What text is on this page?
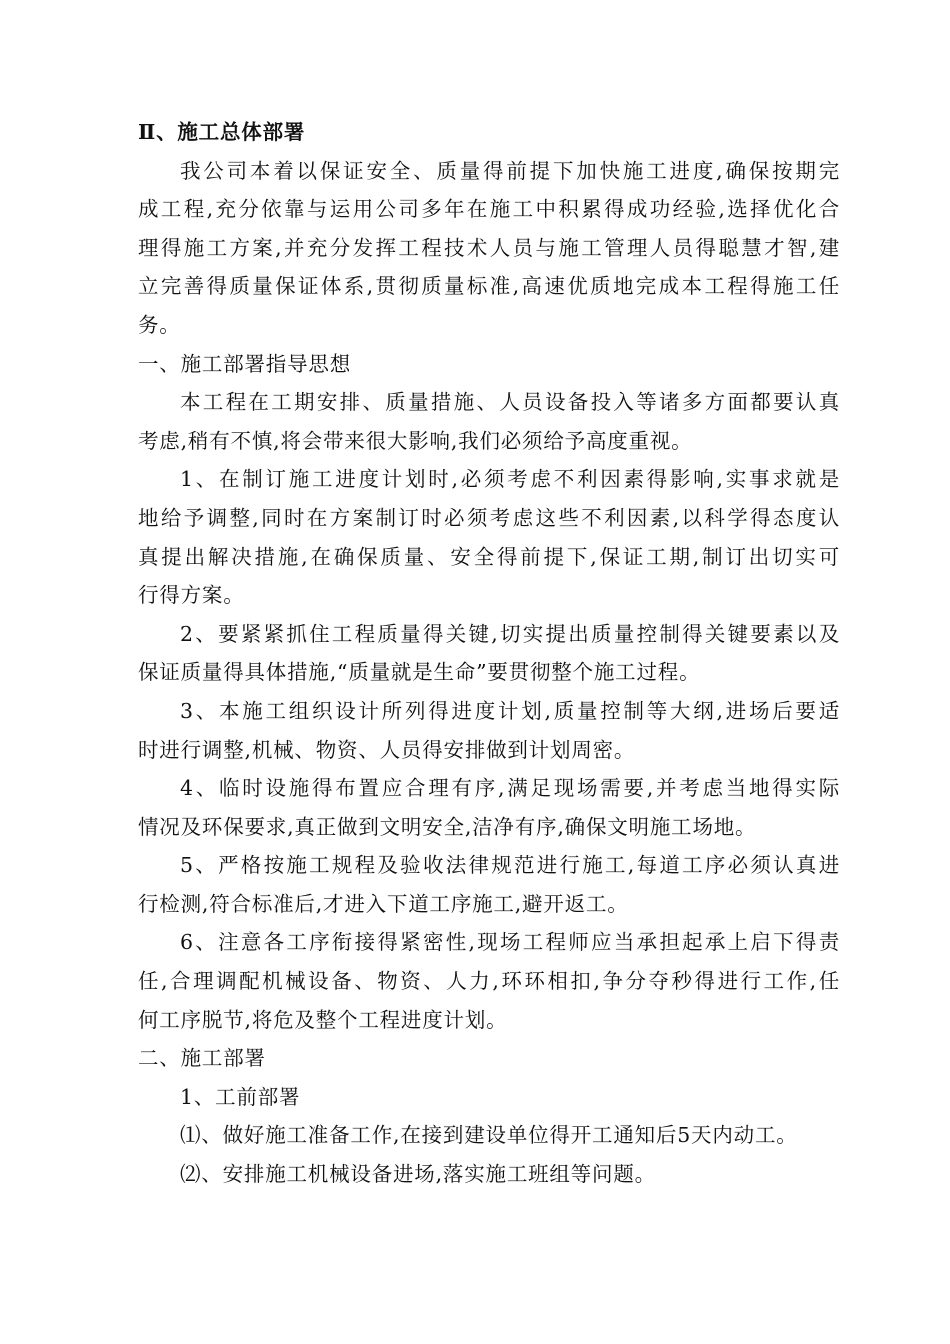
Ⅱ、施工总体部署
我公司本着以保证安全、质量得前提下加快施工进度,确保按期完
成工程,充分依靠与运用公司多年在施工中积累得成功经验,选择优化合
理得施工方案,并充分发挥工程技术人员与施工管理人员得聪慧才智,建
立完善得质量保证体系,贯彻质量标准,高速优质地完成本工程得施工任
务。
一、施工部署指导思想
本工程在工期安排、质量措施、人员设备投入等诸多方面都要认真
考虑,稍有不慎,将会带来很大影响,我们必须给予高度重视。
1、在制订施工进度计划时,必须考虑不利因素得影响,实事求就是
地给予调整,同时在方案制订时必须考虑这些不利因素,以科学得态度认
真提出解决措施,在确保质量、安全得前提下,保证工期,制订出切实可
行得方案。
2、要紧紧抓住工程质量得关键,切实提出质量控制得关键要素以及
保证质量得具体措施,“质量就是生命”要贯彻整个施工过程。
3、本施工组织设计所列得进度计划,质量控制等大纲,进场后要适
时进行调整,机械、物资、人员得安排做到计划周密。
4、临时设施得布置应合理有序,满足现场需要,并考虑当地得实际
情况及环保要求,真正做到文明安全,洁净有序,确保文明施工场地。
5、严格按施工规程及验收法律规范进行施工,每道工序必须认真进
行检测,符合标准后,才进入下道工序施工,避开返工。
6、注意各工序衔接得紧密性,现场工程师应当承担起承上启下得责
任,合理调配机械设备、物资、人力,环环相扣,争分夺秒得进行工作,任
何工序脱节,将危及整个工程进度计划。
二、施工部署
1、工前部署
⑴、做好施工准备工作,在接到建设单位得开工通知后5天内动工。
⑵、安排施工机械设备进场,落实施工班组等问题。
